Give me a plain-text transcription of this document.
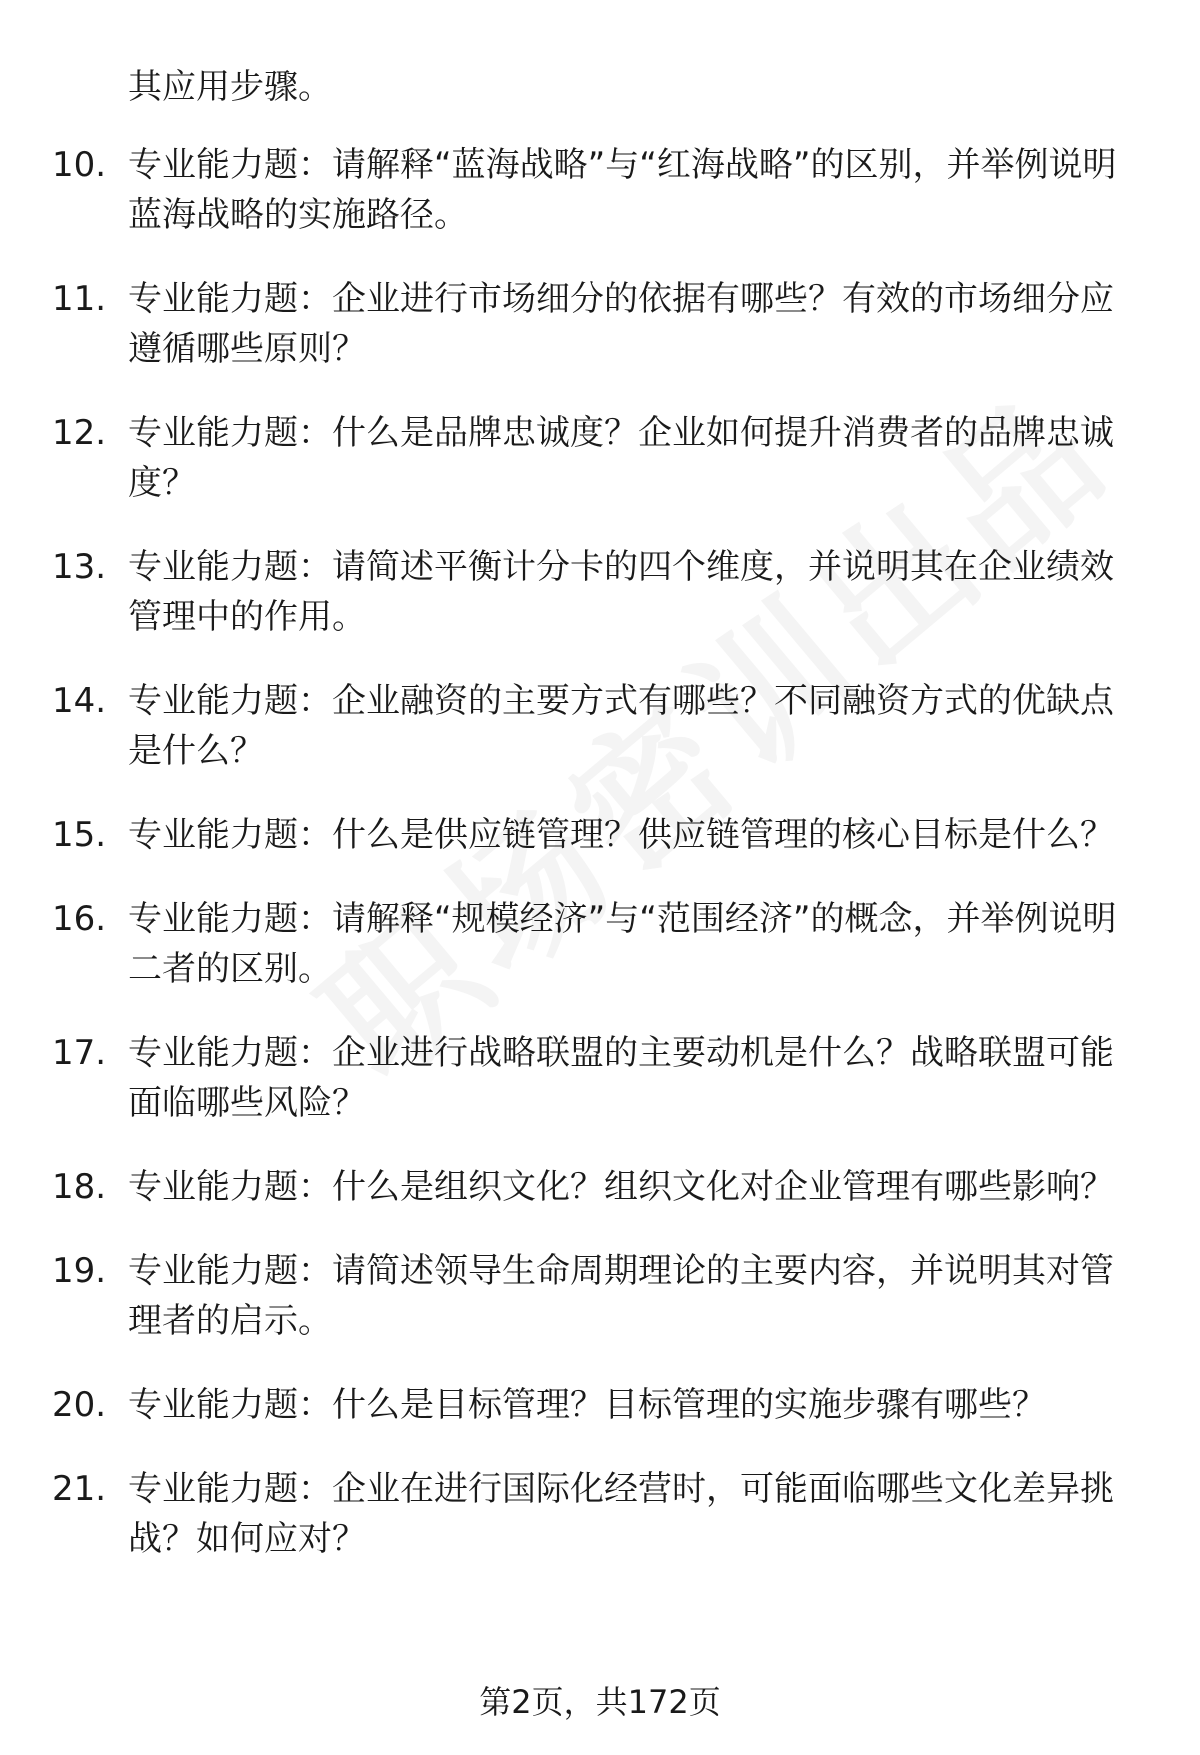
其应用步骤。
10. 专业能力题：请解释“蓝海战略”与“红海战略”的区别，并举例说明蓝海战略的实施路径。
11. 专业能力题：企业进行市场细分的依据有哪些？有效的市场细分应遵循哪些原则？
12. 专业能力题：什么是品牌忠诚度？企业如何提升消费者的品牌忠诚度？
13. 专业能力题：请简述平衡计分卡的四个维度，并说明其在企业绩效管理中的作用。
14. 专业能力题：企业融资的主要方式有哪些？不同融资方式的优缺点是什么？
15. 专业能力题：什么是供应链管理？供应链管理的核心目标是什么？
16. 专业能力题：请解释“规模经济”与“范围经济”的概念，并举例说明二者的区别。
17. 专业能力题：企业进行战略联盟的主要动机是什么？战略联盟可能面临哪些风险？
18. 专业能力题：什么是组织文化？组织文化对企业管理有哪些影响？
19. 专业能力题：请简述领导生命周期理论的主要内容，并说明其对管理者的启示。
20. 专业能力题：什么是目标管理？目标管理的实施步骤有哪些？
21. 专业能力题：企业在进行国际化经营时，可能面临哪些文化差异挑战？如何应对？
第2页，共172页
